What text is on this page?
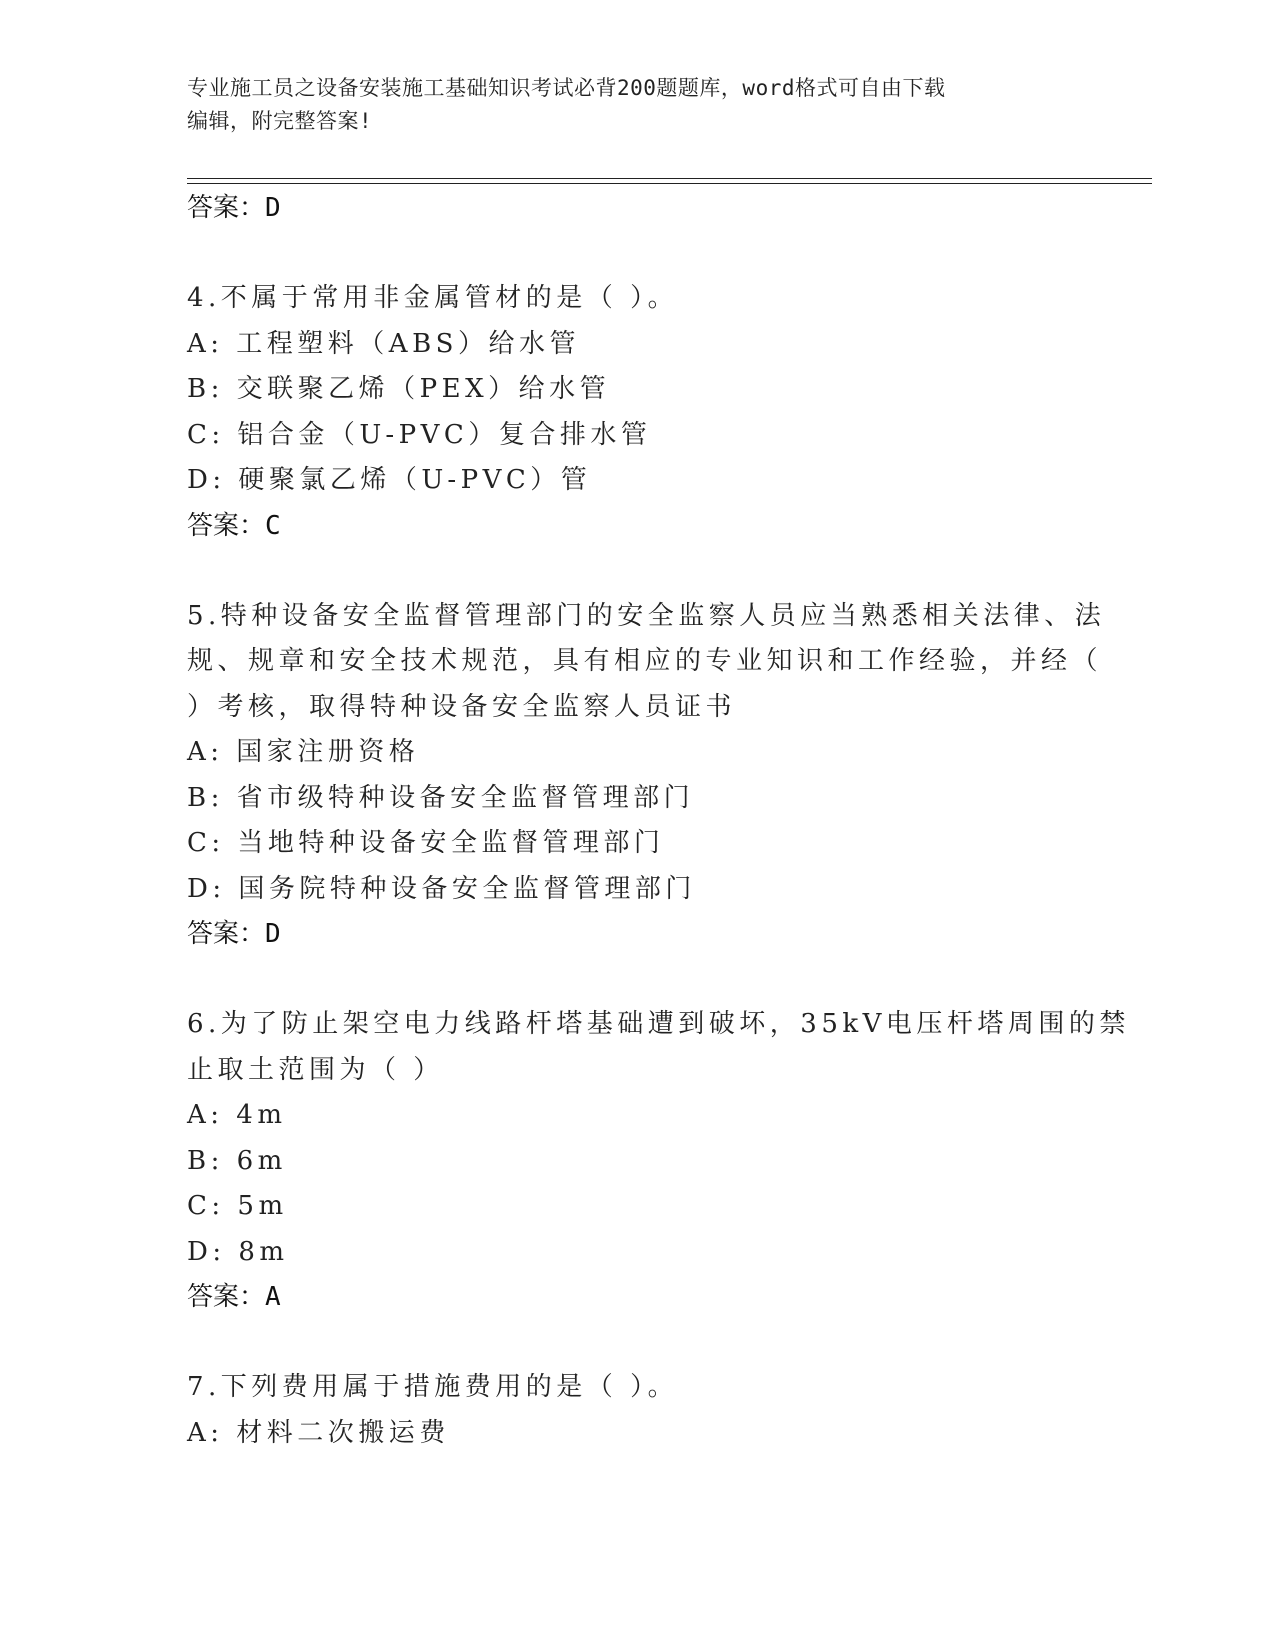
专业施工员之设备安装施工基础知识考试必背200题题库，word格式可自由下载
编辑，附完整答案!
答案：D
4.不属于常用非金属管材的是（ ）。
A: 工程塑料（ABS）给水管
B: 交联聚乙烯（PEX）给水管
C: 铝合金（U-PVC）复合排水管
D: 硬聚氯乙烯（U-PVC）管
答案：C
5.特种设备安全监督管理部门的安全监察人员应当熟悉相关法律、法
规、规章和安全技术规范，具有相应的专业知识和工作经验，并经（
）考核，取得特种设备安全监察人员证书
A: 国家注册资格
B: 省市级特种设备安全监督管理部门
C: 当地特种设备安全监督管理部门
D: 国务院特种设备安全监督管理部门
答案：D
6.为了防止架空电力线路杆塔基础遭到破坏，35kV电压杆塔周围的禁
止取土范围为（ ）
A: 4m
B: 6m
C: 5m
D: 8m
答案：A
7.下列费用属于措施费用的是（ ）。
A: 材料二次搬运费
